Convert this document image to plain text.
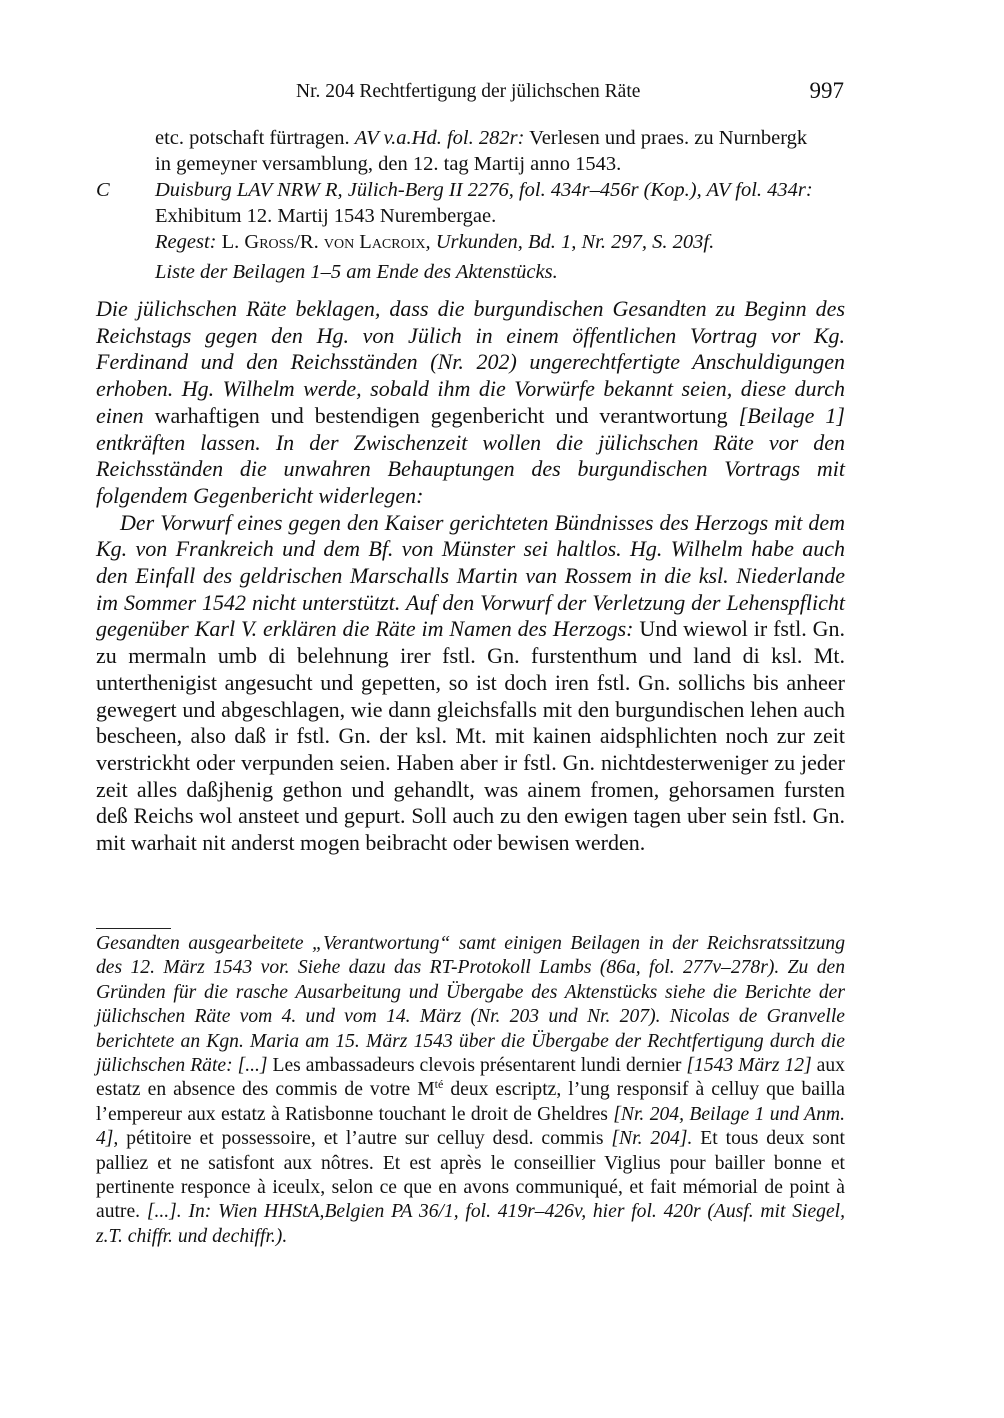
Nr. 204 Rechtfertigung der jülichschen Räte	997
etc. potschaft fürtragen. AV v.a.Hd. fol. 282r: Verlesen und praes. zu Nurnbergk
in gemeyner versamblung, den 12. tag Martij anno 1543.
C Duisburg LAV NRW R, Jülich-Berg II 2276, fol. 434r–456r (Kop.), AV fol. 434r:
Exhibitum 12. Martij 1543 Nurembergae.
Regest: L. Groß/R. von Lacroix, Urkunden, Bd. 1, Nr. 297, S. 203f.
Liste der Beilagen 1–5 am Ende des Aktenstücks.

Die jülichschen Räte beklagen, dass die burgundischen Gesandten zu Beginn des Reichstags gegen den Hg. von Jülich in einem öffentlichen Vortrag vor Kg. Ferdinand und den Reichsständen (Nr. 202) ungerechtfertigte Anschuldigungen erhoben. Hg. Wilhelm werde, sobald ihm die Vorwürfe bekannt seien, diese durch einen warhaftigen und bestendigen gegenbericht und verantwortung [Beilage 1] entkräften lassen. In der Zwischenzeit wollen die jülichschen Räte vor den Reichsständen die unwahren Behauptungen des burgundischen Vortrags mit folgendem Gegenbericht widerlegen:

Der Vorwurf eines gegen den Kaiser gerichteten Bündnisses des Herzogs mit dem Kg. von Frankreich und dem Bf. von Münster sei haltlos. Hg. Wilhelm habe auch den Einfall des geldrischen Marschalls Martin van Rossem in die ksl. Niederlande im Sommer 1542 nicht unterstützt. Auf den Vorwurf der Verletzung der Lehenspflicht gegenüber Karl V. erklären die Räte im Namen des Herzogs: Und wiewol ir fstl. Gn. zu mermaln umb di belehnung irer fstl. Gn. furstenthum und land di ksl. Mt. unterthenigist angesucht und gepetten, so ist doch iren fstl. Gn. sollichs bis anheer gewegert und abgeschlagen, wie dann gleichsfalls mit den burgundischen lehen auch bescheen, also daß ir fstl. Gn. der ksl. Mt. mit kainen aidsphlichten noch zur zeit verstrickht oder verpunden seien. Haben aber ir fstl. Gn. nichtdesterweniger zu jeder zeit alles daßjhenig gethon und gehandlt, was ainem fromen, gehorsamen fursten deß Reichs wol ansteet und gepurt. Soll auch zu den ewigen tagen uber sein fstl. Gn. mit warhait nit anderst mogen beibracht oder bewisen werden.

Gesandten ausgearbeitete „Verantwortung“ samt einigen Beilagen in der Reichsratssitzung des 12. März 1543 vor. Siehe dazu das RT-Protokoll Lambs (86a, fol. 277v–278r). Zu den Gründen für die rasche Ausarbeitung und Übergabe des Aktenstücks siehe die Berichte der jülichschen Räte vom 4. und vom 14. März (Nr. 203 und Nr. 207). Nicolas de Granvelle berichtete an Kgn. Maria am 15. März 1543 über die Übergabe der Rechtfertigung durch die jülichschen Räte: [...] Les ambassadeurs clevois présentarent lundi dernier [1543 März 12] aux estatz en absence des commis de votre $M^{té}$ deux escriptz, l’ung responsif à celluy que bailla l’empereur aux estatz à Ratisbonne touchant le droit de Gheldres [Nr. 204, Beilage 1 und Anm. 4], pétitoire et possessoire, et l’autre sur celluy desd. commis [Nr. 204]. Et tous deux sont palliez et ne satisfont aux nôtres. Et est après le conseillier Viglius pour bailler bonne et pertinente responce à iceulx, selon ce que en avons communiqué, et fait mémorial de point à autre. [...]. In: Wien HHStA,Belgien PA 36/1, fol. 419r–426v, hier fol. 420r (Ausf. mit Siegel, z.T. chiffr. und dechiffr.).
